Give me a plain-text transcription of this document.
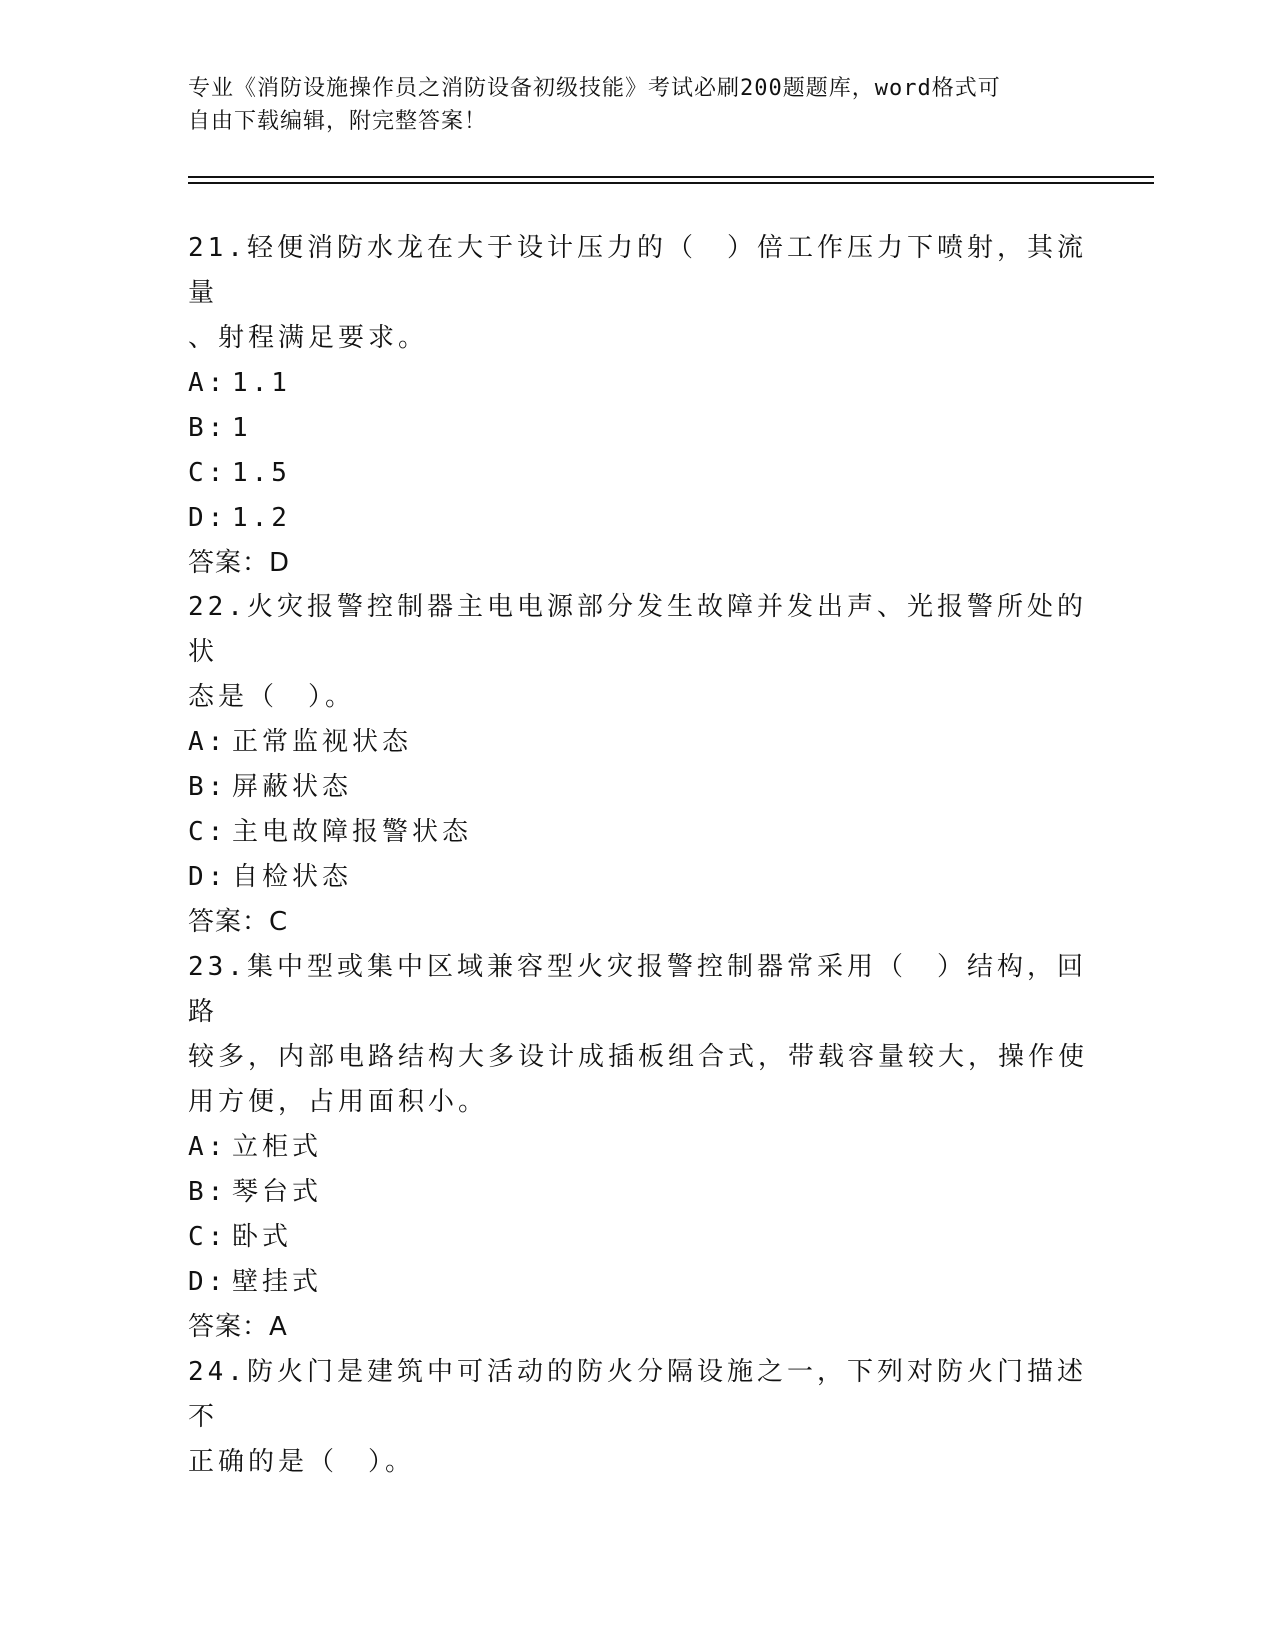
专业《消防设施操作员之消防设备初级技能》考试必刷200题题库，word格式可
自由下载编辑，附完整答案！

21.轻便消防水龙在大于设计压力的（　）倍工作压力下喷射，其流量

、射程满足要求。

A: 1.1

B: 1

C: 1.5

D: 1.2

答案：D

22.火灾报警控制器主电电源部分发生故障并发出声、光报警所处的状

态是（　）。

A: 正常监视状态

B: 屏蔽状态

C: 主电故障报警状态

D: 自检状态

答案：C

23.集中型或集中区域兼容型火灾报警控制器常采用（　）结构，回路

较多，内部电路结构大多设计成插板组合式，带载容量较大，操作使

用方便，占用面积小。

A: 立柜式

B: 琴台式

C: 卧式

D: 壁挂式

答案：A

24.防火门是建筑中可活动的防火分隔设施之一，下列对防火门描述不

正确的是（　）。
